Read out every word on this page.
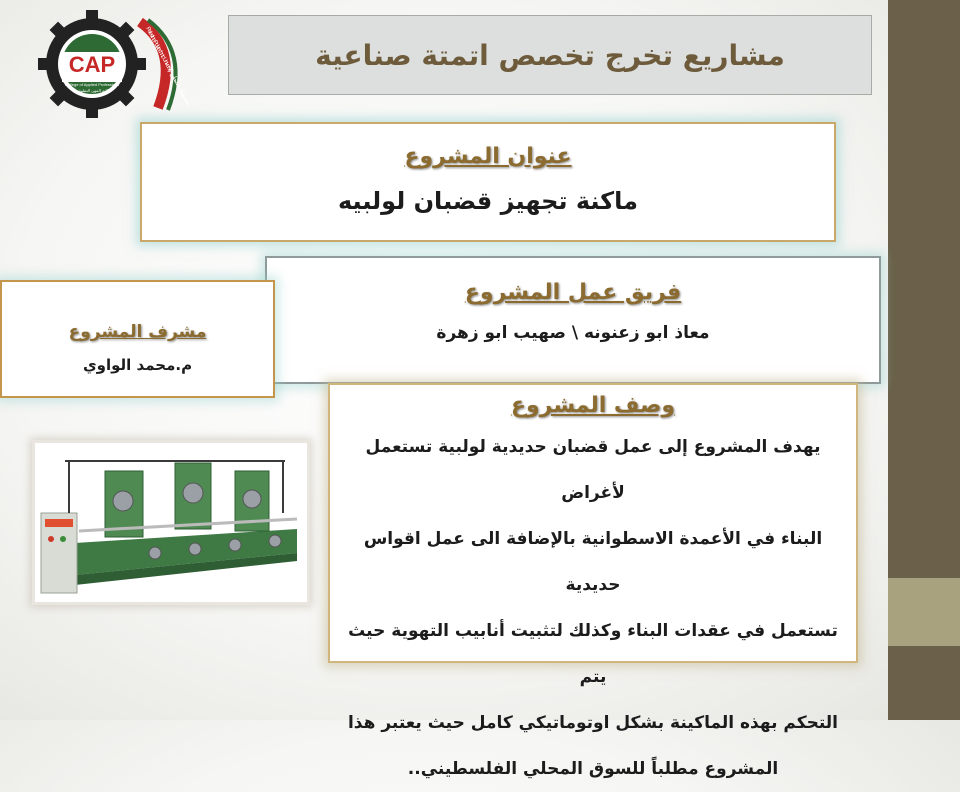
CAP
College of Applied Professions
كلية المهن التطبيقية
Palestine Polytechnic University · جامعة بوليتكنك فلسطين
مشاريع تخرج تخصص اتمتة صناعية
عنوان المشروع
ماكنة تجهيز قضبان لولبيه
فريق عمل المشروع
معاذ ابو زعنونه \ صهيب ابو زهرة
مشرف المشروع
م.محمد الواوي
وصف المشروع
يهدف المشروع إلى عمل قضبان حديدية لولبية تستعمل لأغراض
البناء في الأعمدة الاسطوانية بالإضافة الى عمل اقواس حديدية
تستعمل في عقدات البناء وكذلك لتثبيت أنابيب التهوية حيث يتم
التحكم بهذه الماكينة بشكل اوتوماتيكي كامل حيث يعتبر هذا
المشروع مطلباً للسوق المحلي الفلسطيني..
